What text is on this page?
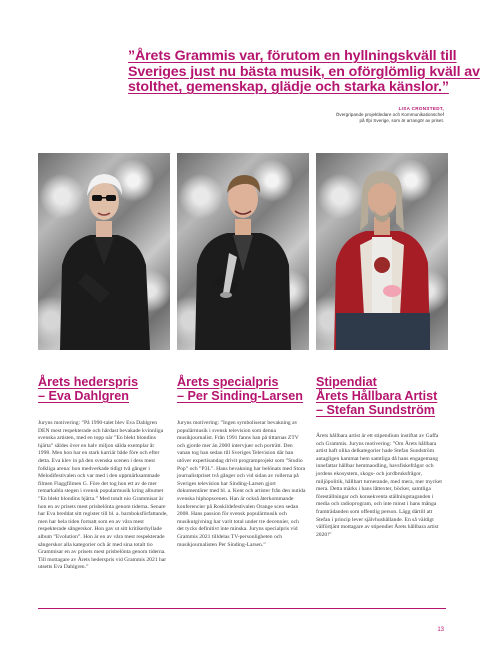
”Årets Grammis var, förutom en hyllningskväll till
Sveriges just nu bästa musik, en oförglömlig kväll av
stolthet, gemenskap, glädje och starka känslor.”
LISA CRONSTEDT,
Övergripande projektledare och Kommunikationschef
på Ifpi Sverige, som är arrangör av priset.
Årets hederspris
– Eva Dahlgren
Årets specialpris
– Per Sinding-Larsen
Stipendiat
Årets Hållbara Artist
– Stefan Sundström

Juryns motivering: ”På 1990-talet blev Eva Dahlgren DEN mest respekterade och hårdast bevakade kvinnliga svenska artisten, med en topp när ”En blekt blondins hjärta” såldes över en halv miljon sålda exemplar år 1998. Men hon har en stark karriär både före och efter detta. Eva klev in på den svenska scenen i dess mest folkliga arena: hon medverkade tidigt två gånger i Melodifestivalen och var med i den uppmärksammade filmen Flaggfilmen G. Före det tog hon ett av de mer remarkabla stegen i svensk popularmusik kring albumet ”En blekt blondins hjärta.” Med totalt nio Grammisar är hon en av prisets mest prisbelönta genom tiderna. Senare har Eva breddat sitt register till bl. a. barnboksförfattande, men har hela tiden fortsatt som en av våra mest respekterade sångerskor. Hon gav ut sitt kritikerhyllade album ”Evolution”. Hon är en av våra mest respekterade sångerskor alla kategorier och är med sina totalt tio Grammisar en av prisets mest prisbelönta genom tiderna. Till mottagare av Årets hederspris vid Grammis 2021 har utsetts Eva Dahlgren.”

Juryns motivering: ”Ingen symboliserar bevakning av populärmusik i svensk television som denna musikjournalist. Från 1991 fanns han på tittarnas ZTV och gjorde mer än 2000 intervjuer och porträtt. Den vanan tog han sedan till Sveriges Television där han utöver expertisandag drivit programprojekt som ”Studio Pop” och ”P3L”. Hans bevakning har belönats med Stora journalistpriset två gånger och vid sidan av rollerna på Sveriges television har Sinding-Larsen gjort dokumentärer med bl. a. Kent och artister från den nutida svenska hiphopscenen. Han är också återkommande konferencier på Roskildefestivalen Orange scen sedan 2008. Hans passion för svensk populärmusik och musikutgivning har varit total under tre decennier, och det tycks definitivt inte minska. Juryns specialpris vid Grammis 2021 tilldelas TV-personligheten och musikjournalisten Per Sinding-Larsen.”

Årets hållbara artist är ett stipendium instiftat av Gaffa och Grammis. Juryns motivering: ”Om Årets hållbara artist haft olika delkategorier hade Stefan Sundström antagligen kammat hem samtliga då hans engagemang innefattar hållbar hemmaodling, havsfiskefrågor och jordens ekosystem, skogs- och jordbruksfrågor, miljöpolitik, hållbart turnerande, med mera, mer mycket mera. Detta märks i hans låttexter, böcker, samtliga föreställningar och konsekventa ställningstaganden i media och radioprogram, och inte minst i hans många framträdanden som offentlig person. Lägg därtill att Stefan i princip lever självhushållande. En så väldigt välförtjänt mottagare av stipendiet Årets hållbara artist 2020!”

13
